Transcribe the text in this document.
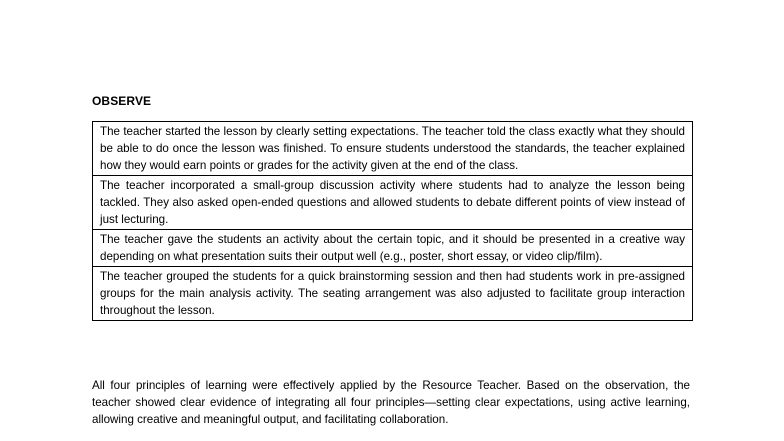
OBSERVE
The teacher started the lesson by clearly setting expectations. The teacher told the class exactly what they should be able to do once the lesson was finished. To ensure students understood the standards, the teacher explained how they would earn points or grades for the activity given at the end of the class.
The teacher incorporated a small-group discussion activity where students had to analyze the lesson being tackled. They also asked open-ended questions and allowed students to debate different points of view instead of just lecturing.
The teacher gave the students an activity about the certain topic, and it should be presented in a creative way depending on what presentation suits their output well (e.g., poster, short essay, or video clip/film).
The teacher grouped the students for a quick brainstorming session and then had students work in pre-assigned groups for the main analysis activity. The seating arrangement was also adjusted to facilitate group interaction throughout the lesson.

All four principles of learning were effectively applied by the Resource Teacher. Based on the observation, the teacher showed clear evidence of integrating all four principles—setting clear expectations, using active learning, allowing creative and meaningful output, and facilitating collaboration.
